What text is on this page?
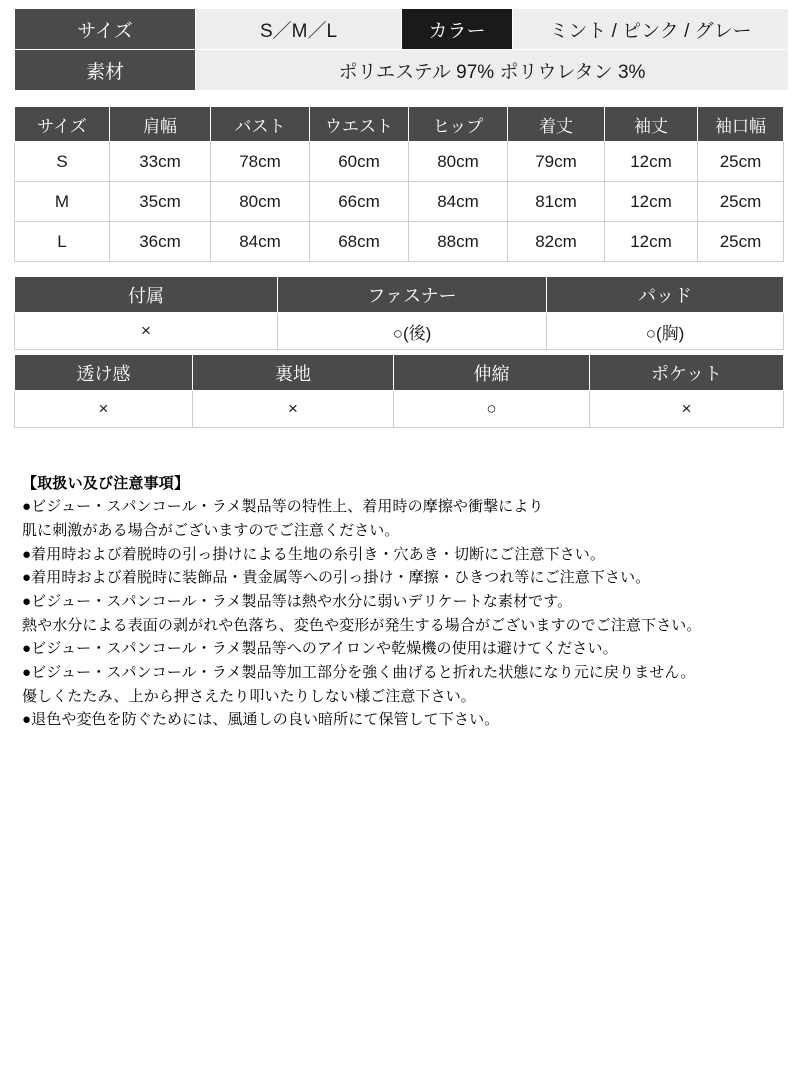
サイズ	S／M／L	カラー	ミント / ピンク / グレー
素材	ポリエステル 97% ポリウレタン 3%		
サイズ	肩幅	バスト	ウエスト	ヒップ	着丈	袖丈	袖口幅
S	33cm	78cm	60cm	80cm	79cm	12cm	25cm
M	35cm	80cm	66cm	84cm	81cm	12cm	25cm
L	36cm	84cm	68cm	88cm	82cm	12cm	25cm
付属	ファスナー	パッド
×	○(後)	○(胸)
透け感	裏地	伸縮	ポケット
×	×	○	×
【取扱い及び注意事項】
●ビジュー・スパンコール・ラメ製品等の特性上、着用時の摩擦や衝撃により
肌に刺激がある場合がございますのでご注意ください。
●着用時および着脱時の引っ掛けによる生地の糸引き・穴あき・切断にご注意下さい。
●着用時および着脱時に装飾品・貴金属等への引っ掛け・摩擦・ひきつれ等にご注意下さい。
●ビジュー・スパンコール・ラメ製品等は熱や水分に弱いデリケートな素材です。
熱や水分による表面の剥がれや色落ち、変色や変形が発生する場合がございますのでご注意下さい。
●ビジュー・スパンコール・ラメ製品等へのアイロンや乾燥機の使用は避けてください。
●ビジュー・スパンコール・ラメ製品等加工部分を強く曲げると折れた状態になり元に戻りません。
優しくたたみ、上から押さえたり叩いたりしない様ご注意下さい。
●退色や変色を防ぐためには、風通しの良い暗所にて保管して下さい。
